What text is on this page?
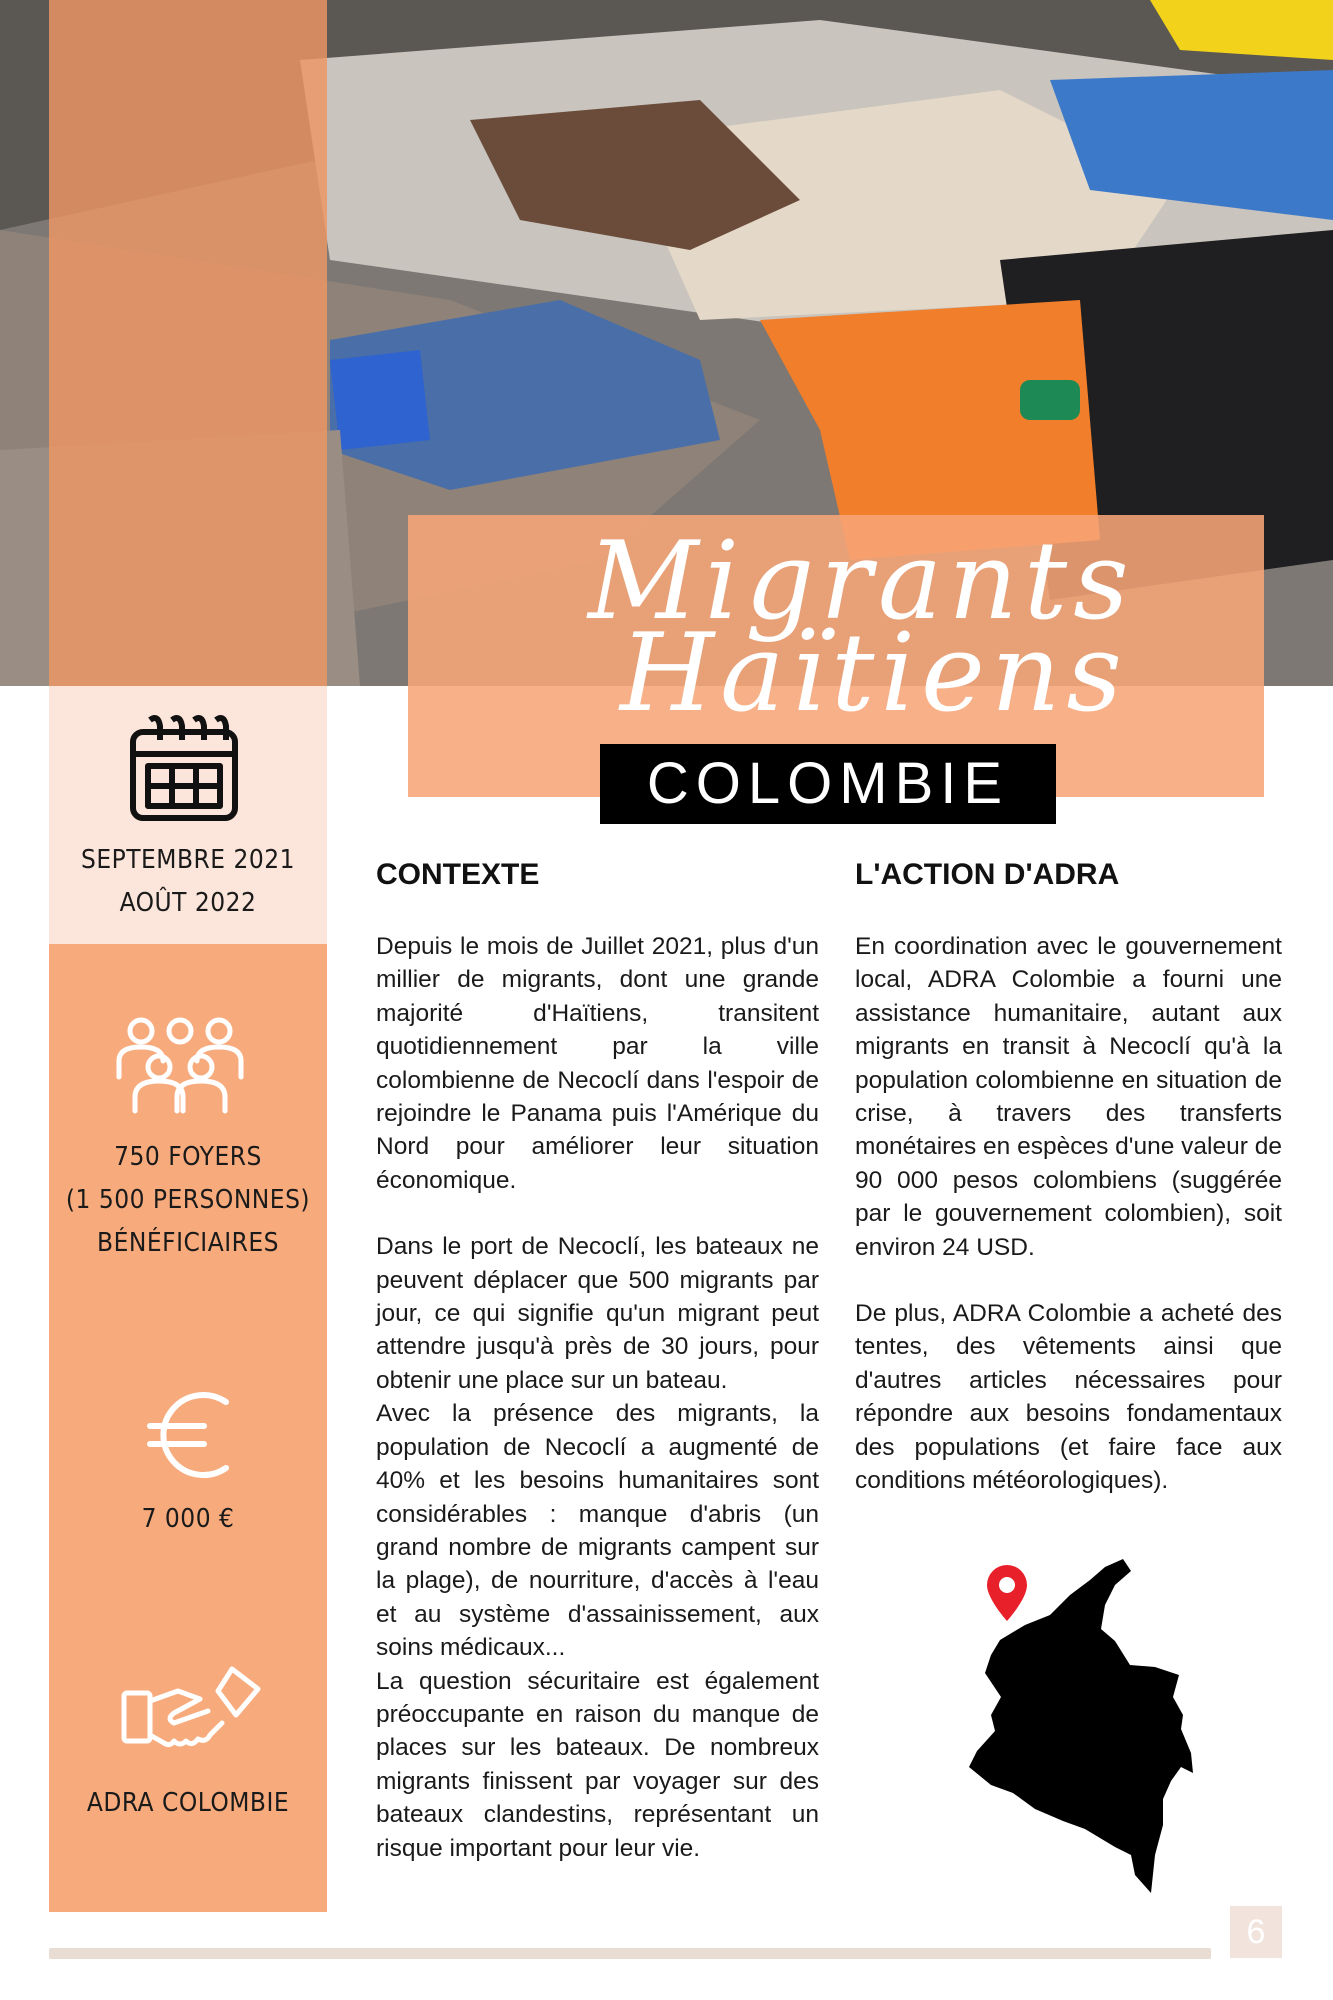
SEPTEMBRE 2021
AOÛT 2022
750 FOYERS
(1 500 PERSONNES)
BÉNÉFICIAIRES
7 000 €
ADRA COLOMBIE
Migrants
Haïtiens
COLOMBIE
CONTEXTE

Depuis le mois de Juillet 2021, plus d'un millier de migrants, dont une grande majorité d'Haïtiens, transitent quotidiennement par la ville colombienne de Necoclí dans l'espoir de rejoindre le Panama puis l'Amérique du Nord pour améliorer leur situation économique.

Dans le port de Necoclí, les bateaux ne peuvent déplacer que 500 migrants par jour, ce qui signifie qu'un migrant peut attendre jusqu'à près de 30 jours, pour obtenir une place sur un bateau.

Avec la présence des migrants, la population de Necoclí a augmenté de 40% et les besoins humanitaires sont considérables : manque d'abris (un grand nombre de migrants campent sur la plage), de nourriture, d'accès à l'eau et au système d'assainissement, aux soins médicaux...

La question sécuritaire est également préoccupante en raison du manque de places sur les bateaux. De nombreux migrants finissent par voyager sur des bateaux clandestins, représentant un risque important pour leur vie.

L'ACTION D'ADRA

En coordination avec le gouvernement local, ADRA Colombie a fourni une assistance humanitaire, autant aux migrants en transit à Necoclí qu'à la population colombienne en situation de crise, à travers des transferts monétaires en espèces d'une valeur de 90 000 pesos colombiens (suggérée par le gouvernement colombien), soit environ 24 USD.

De plus, ADRA Colombie a acheté des tentes, des vêtements ainsi que d'autres articles nécessaires pour répondre aux besoins fondamentaux des populations (et faire face aux conditions météorologiques).

6
